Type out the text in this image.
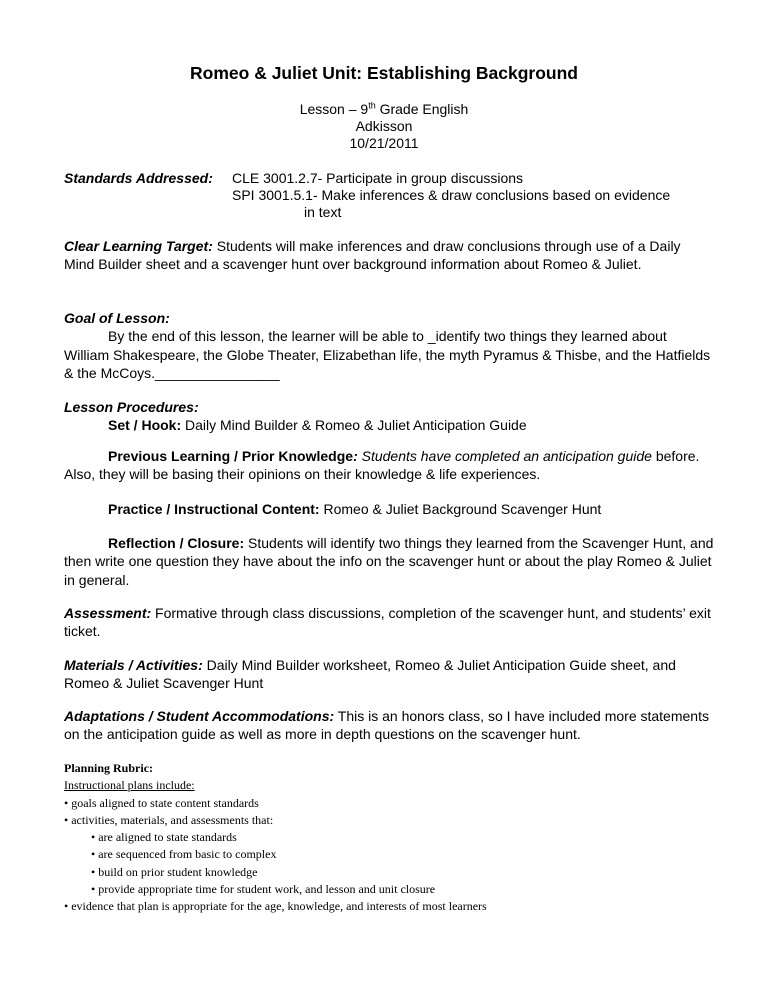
Romeo & Juliet Unit: Establishing Background
Lesson – 9th Grade English
Adkisson
10/21/2011
Standards Addressed: CLE 3001.2.7- Participate in group discussions
SPI 3001.5.1- Make inferences & draw conclusions based on evidence
in text
Clear Learning Target: Students will make inferences and draw conclusions through use of a Daily Mind Builder sheet and a scavenger hunt over background information about Romeo & Juliet.
Goal of Lesson:
By the end of this lesson, the learner will be able to _identify two things they learned about William Shakespeare, the Globe Theater, Elizabethan life, the myth Pyramus & Thisbe, and the Hatfields & the McCoys.________________
Lesson Procedures:
Set / Hook: Daily Mind Builder & Romeo & Juliet Anticipation Guide
Previous Learning / Prior Knowledge: Students have completed an anticipation guide before. Also, they will be basing their opinions on their knowledge & life experiences.
Practice / Instructional Content: Romeo & Juliet Background Scavenger Hunt
Reflection / Closure: Students will identify two things they learned from the Scavenger Hunt, and then write one question they have about the info on the scavenger hunt or about the play Romeo & Juliet in general.
Assessment: Formative through class discussions, completion of the scavenger hunt, and students’ exit ticket.
Materials / Activities: Daily Mind Builder worksheet, Romeo & Juliet Anticipation Guide sheet, and Romeo & Juliet Scavenger Hunt
Adaptations / Student Accommodations: This is an honors class, so I have included more statements on the anticipation guide as well as more in depth questions on the scavenger hunt.
Planning Rubric:
Instructional plans include:
• goals aligned to state content standards
• activities, materials, and assessments that:
• are aligned to state standards
• are sequenced from basic to complex
• build on prior student knowledge
• provide appropriate time for student work, and lesson and unit closure
• evidence that plan is appropriate for the age, knowledge, and interests of most learners
